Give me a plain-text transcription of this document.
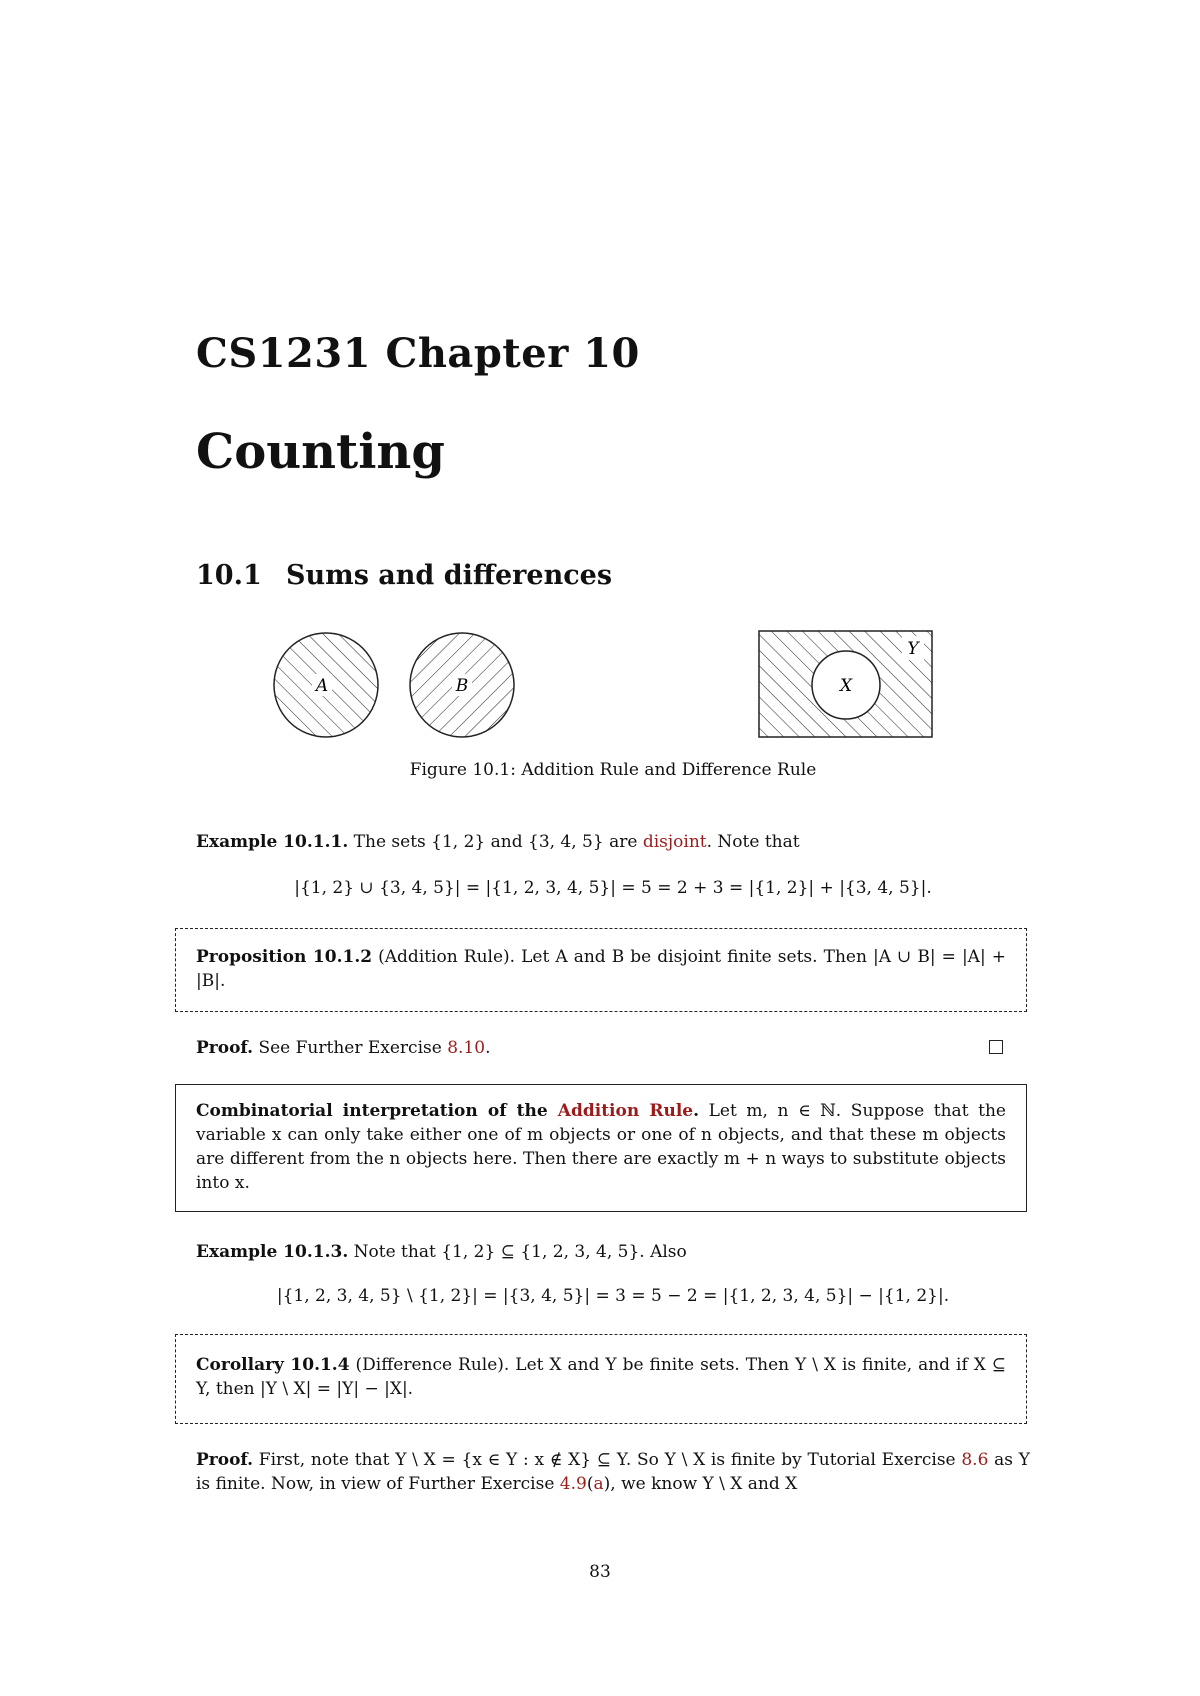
CS1231 Chapter 10
Counting
10.1 Sums and differences
A	B
Y
X
Figure 10.1: Addition Rule and Difference Rule
Example 10.1.1. The sets {1, 2} and {3, 4, 5} are disjoint. Note that
|{1, 2} ∪ {3, 4, 5}| = |{1, 2, 3, 4, 5}| = 5 = 2 + 3 = |{1, 2}| + |{3, 4, 5}|.
Proposition 10.1.2 (Addition Rule). Let A and B be disjoint finite sets. Then |A ∪ B| = |A| + |B|.
Proof. See Further Exercise 8.10.
Combinatorial interpretation of the Addition Rule. Let m, n ∈ ℕ. Suppose that the variable x can only take either one of m objects or one of n objects, and that these m objects are different from the n objects here. Then there are exactly m + n ways to substitute objects into x.
Example 10.1.3. Note that {1, 2} ⊆ {1, 2, 3, 4, 5}. Also
|{1, 2, 3, 4, 5} \ {1, 2}| = |{3, 4, 5}| = 3 = 5 − 2 = |{1, 2, 3, 4, 5}| − |{1, 2}|.
Corollary 10.1.4 (Difference Rule). Let X and Y be finite sets. Then Y \ X is finite, and if X ⊆ Y, then |Y \ X| = |Y| − |X|.
Proof. First, note that Y \ X = {x ∈ Y : x ∉ X} ⊆ Y. So Y \ X is finite by Tutorial Exercise 8.6 as Y is finite. Now, in view of Further Exercise 4.9(a), we know Y \ X and X
83
